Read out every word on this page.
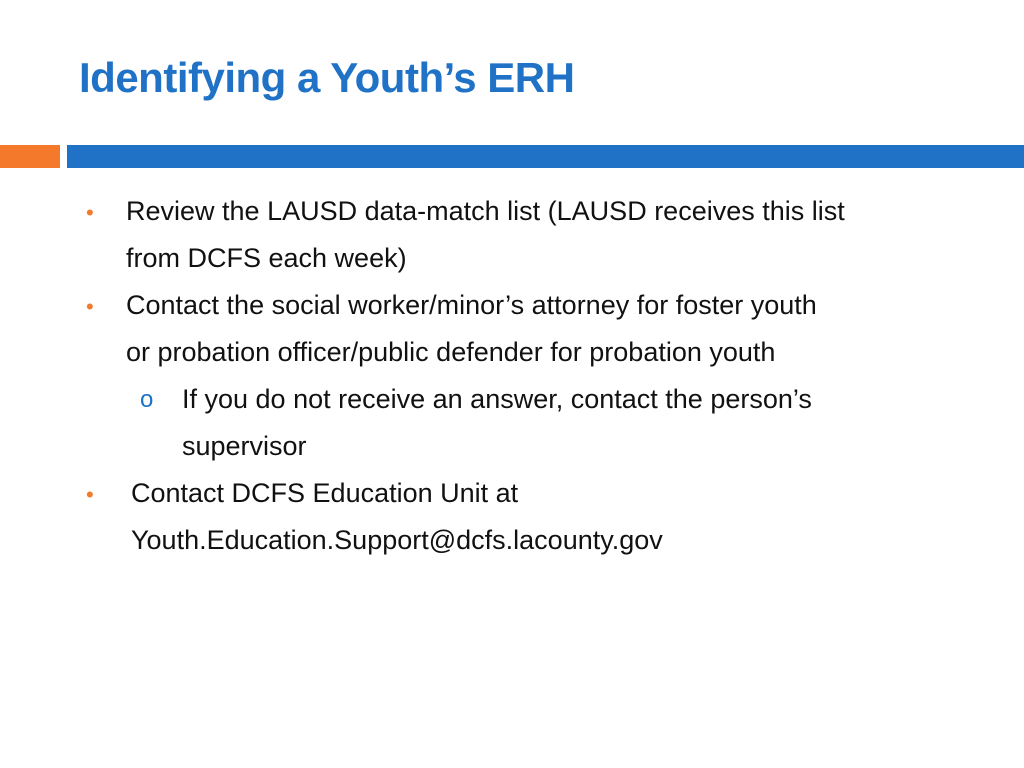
Identifying a Youth’s ERH
• Review the LAUSD data-match list (LAUSD receives this list
from DCFS each week)
• Contact the social worker/minor’s attorney for foster youth
or probation officer/public defender for probation youth
o If you do not receive an answer, contact the person’s
supervisor
• Contact DCFS Education Unit at
Youth.Education.Support@dcfs.lacounty.gov
